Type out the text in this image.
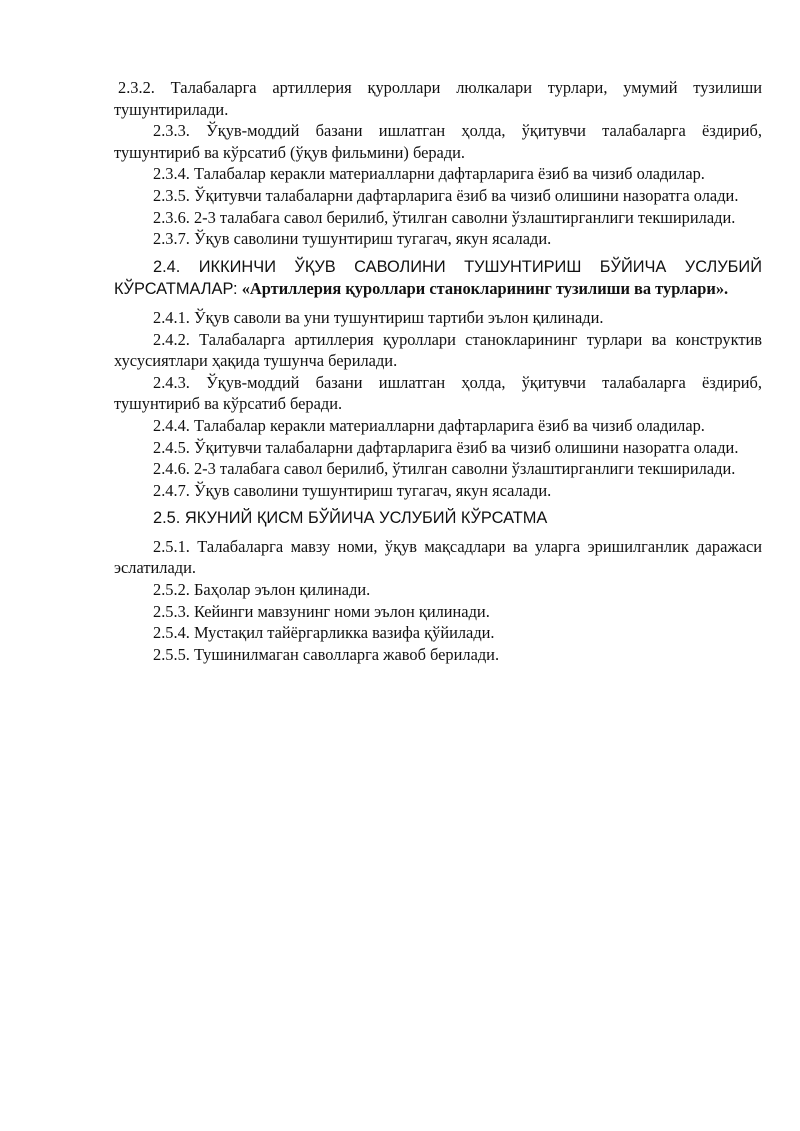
2.3.2. Талабаларга артиллерия қуроллари люлкалари турлари, умумий тузилиши тушунтирилади.

2.3.3. Ўқув-моддий базани ишлатган ҳолда, ўқитувчи талабаларга ёздириб, тушунтириб ва кўрсатиб (ўқув фильмини) беради.

2.3.4. Талабалар керакли материалларни дафтарларига ёзиб ва чизиб оладилар.

2.3.5. Ўқитувчи талабаларни дафтарларига ёзиб ва чизиб олишини назоратга олади.

2.3.6. 2-3 талабага савол берилиб, ўтилган саволни ўзлаштирганлиги текширилади.

2.3.7. Ўқув саволини тушунтириш тугагач, якун ясалади.

2.4. ИККИНЧИ ЎҚУВ САВОЛИНИ ТУШУНТИРИШ БЎЙИЧА УСЛУБИЙ КЎРСАТМАЛАР: «Артиллерия қуроллари станокларининг тузилиши ва турлари».

2.4.1. Ўқув саволи ва уни тушунтириш тартиби эълон қилинади.

2.4.2. Талабаларга артиллерия қуроллари станокларининг турлари ва конструктив хусусиятлари ҳақида тушунча берилади.

2.4.3. Ўқув-моддий базани ишлатган ҳолда, ўқитувчи талабаларга ёздириб, тушунтириб ва кўрсатиб беради.

2.4.4. Талабалар керакли материалларни дафтарларига ёзиб ва чизиб оладилар.

2.4.5. Ўқитувчи талабаларни дафтарларига ёзиб ва чизиб олишини назоратга олади.

2.4.6. 2-3 талабага савол берилиб, ўтилган саволни ўзлаштирганлиги текширилади.

2.4.7. Ўқув саволини тушунтириш тугагач, якун ясалади.

2.5. ЯКУНИЙ ҚИСМ БЎЙИЧА УСЛУБИЙ КЎРСАТМА

2.5.1. Талабаларга мавзу номи, ўқув мақсадлари ва уларга эришилганлик даражаси эслатилади.

2.5.2. Баҳолар эълон қилинади.

2.5.3. Кейинги мавзунинг номи эълон қилинади.

2.5.4. Мустақил тайёргарликка вазифа қўйилади.

2.5.5. Тушинилмаган саволларга жавоб берилади.
